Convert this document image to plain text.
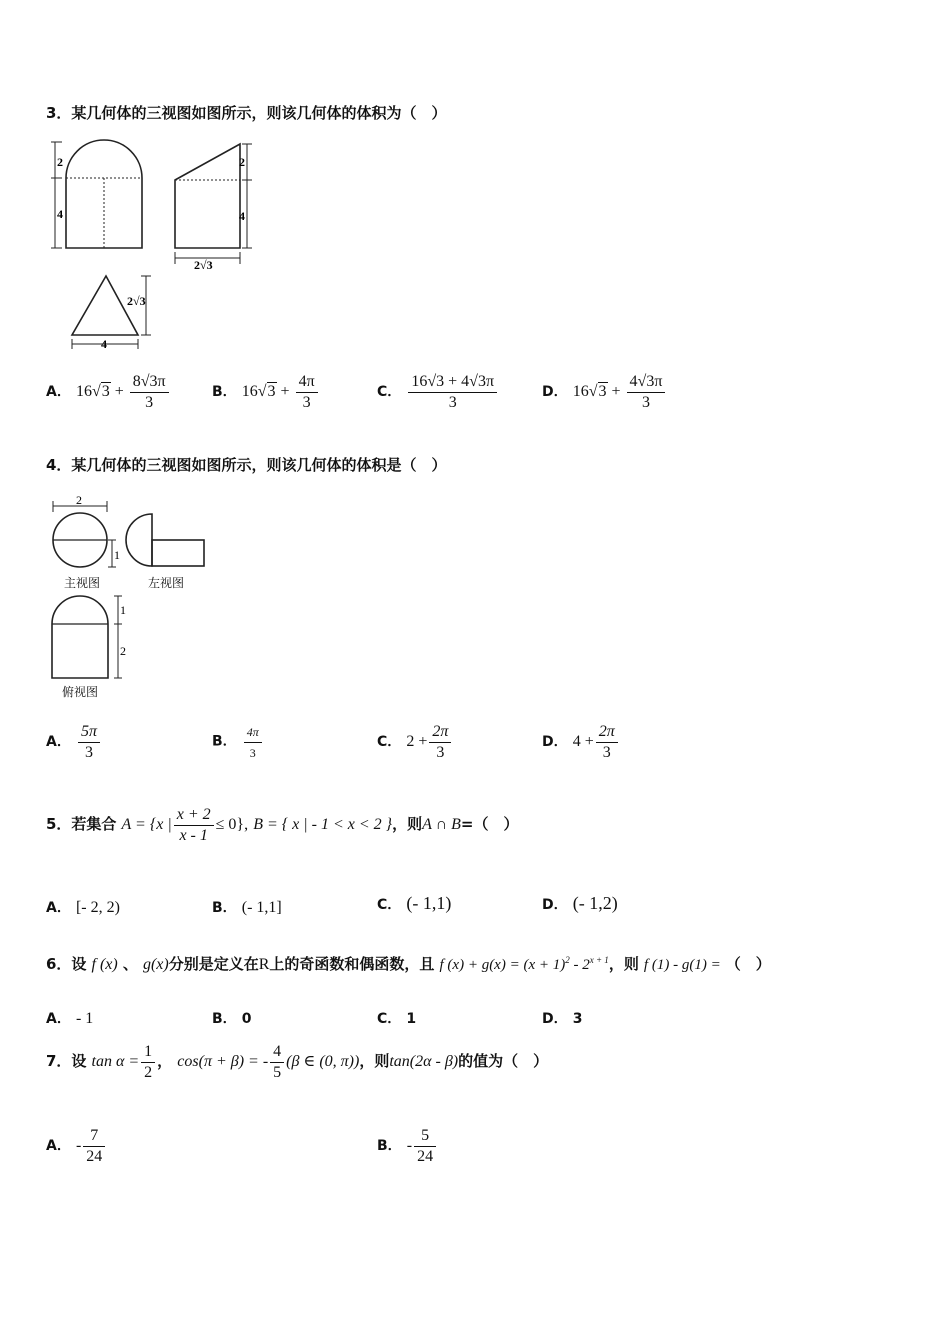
3．某几何体的三视图如图所示，则该几何体的体积为（　）
2
4
2
4
2√3
2√3
4
A． $16√3 + \frac{8√3\pi}{3}$	B． $16√3 + \frac{4\pi}{3}$	C． $\frac{16√3 + 4√3\pi}{3}$	D． $16√3 + \frac{4√3\pi}{3}$
4．某几何体的三视图如图所示，则该几何体的体积是（　）
2
1
1
2
主视图	左视图
俯视图
A． $\frac{5\pi}{3}$	B． $\frac{4\pi}{3}$	C． $2 + \frac{2\pi}{3}$	D． $4 + \frac{2\pi}{3}$
5．若集合 A = {x | $\frac{x + 2}{x - 1} \le 0$}, B = { x | - 1 < x < 2 }，则A ∩ B=（　）
A． [- 2, 2)	B． (- 1,1]	C． (- 1,1)	D． (- 1,2)
6．设 f (x) 、 g(x)分别是定义在R上的奇函数和偶函数，且 f $(x) + g(x) = (x + 1)^2 - 2^{x + 1}$，则 f (1) - g(1) = （　）
A． - 1	B． 0	C． 1	D． 3
7．设 $\tan \alpha = \frac{1}{2}$ ， cos(π + β) = - $\frac{4}{5} (\beta$ ∈ (0, π))，则tan(2α - β)的值为（　）
A． - $\frac{7}{24}$	B． - $\frac{5}{24}$
